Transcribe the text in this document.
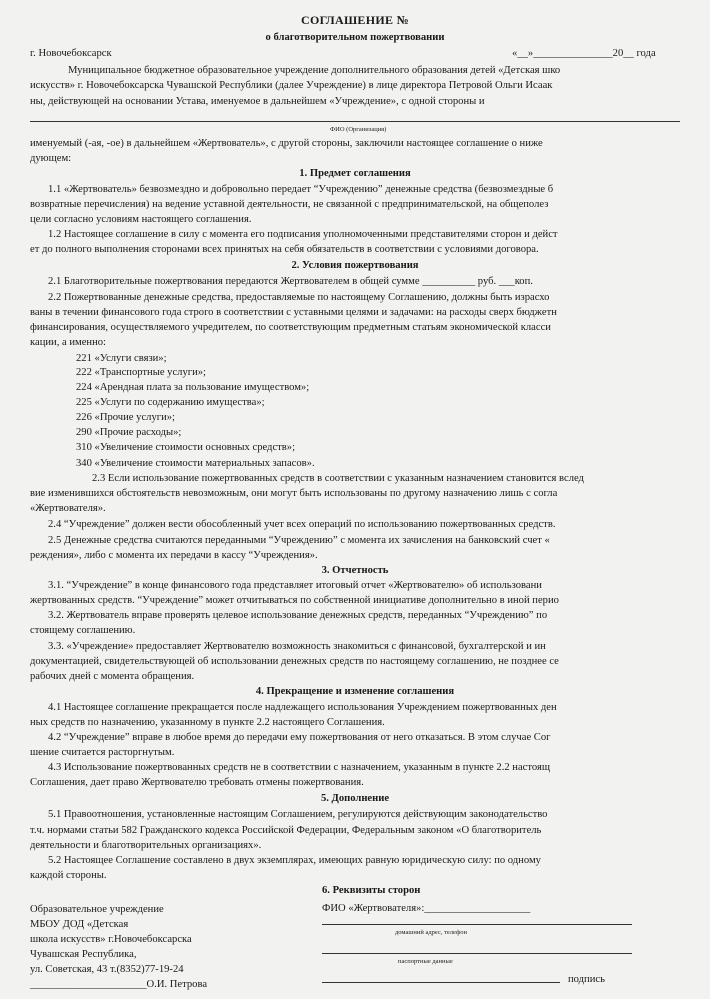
СОГЛАШЕНИЕ №
о благотворительном пожертвовании
г. Новочебоксарск	«__»_______________20__ года
Муниципальное бюджетное образовательное учреждение дополнительного образования детей «Детская шко
искусств» г. Новочебоксарска Чувашской Республики (далее Учреждение) в лице директора Петровой Ольги Исаак
ны, действующей на основании Устава, именуемое в дальнейшем «Учреждение», с одной стороны и
ФИО (Организация)
именуемый (-ая, -ое) в дальнейшем «Жертвователь», с другой стороны, заключили настоящее соглашение о ниже
дующем:
1. Предмет соглашения
1.1 «Жертвователь» безвозмездно и добровольно передает “Учреждению” денежные средства (безвозмездные б
возвратные перечисления) на ведение уставной деятельности, не связанной с предпринимательской, на общеполез
цели согласно условиям настоящего соглашения.
1.2 Настоящее соглашение в силу с момента его подписания уполномоченными представителями сторон и дейст
ет до полного выполнения сторонами всех принятых на себя обязательств в соответствии с условиями договора.
2. Условия пожертвования
2.1 Благотворительные пожертвования передаются Жертвователем в общей сумме __________ руб. ___коп.
2.2 Пожертвованные денежные средства, предоставляемые по настоящему Соглашению, должны быть израсхо
ваны в течении финансового года строго в соответствии с уставными целями и задачами: на расходы сверх бюджетн
финансирования, осуществляемого учредителем, по соответствующим предметным статьям экономической класси
кации, а именно:
221 «Услуги связи»;
222 «Транспортные услуги»;
224 «Арендная плата за пользование имуществом»;
225 «Услуги по содержанию имущества»;
226 «Прочие услуги»;
290 «Прочие расходы»;
310 «Увеличение стоимости основных средств»;
340 «Увеличение стоимости материальных запасов».
2.3 Если использование пожертвованных средств в соответствии с указанным назначением становится вслед
вие изменившихся обстоятельств невозможным, они могут быть использованы по другому назначению лишь с согла
«Жертвователя».
2.4 “Учреждение” должен вести обособленный учет всех операций по использованию пожертвованных средств.
2.5 Денежные средства считаются переданными “Учреждению” с момента их зачисления на банковский счет «
реждения», либо с момента их передачи в кассу “Учреждения».
3. Отчетность
3.1. “Учреждение” в конце финансового года представляет итоговый отчет «Жертвователю» об использовани
жертвованных средств. “Учреждение” может отчитываться по собственной инициативе дополнительно в иной перио
3.2. Жертвователь вправе проверять целевое использование денежных средств, переданных “Учреждению” по
стоящему соглашению.
3.3. «Учреждение» предоставляет Жертвователю возможность знакомиться с финансовой, бухгалтерской и ин
документацией, свидетельствующей об использовании денежных средств по настоящему соглашению, не позднее се
рабочих дней с момента обращения.
4. Прекращение и изменение соглашения
4.1 Настоящее соглашение прекращается после надлежащего использования Учреждением пожертвованных ден
ных средств по назначению, указанному в пункте 2.2 настоящего Соглашения.
4.2 “Учреждение” вправе в любое время до передачи ему пожертвования от него отказаться. В этом случае Сог
шение считается расторгнутым.
4.3 Использование пожертвованных средств не в соответствии с назначением, указанным в пункте 2.2 настоящ
Соглашения, дает право Жертвователю требовать отмены пожертвования.
5. Дополнение
5.1 Правоотношения, установленные настоящим Соглашением, регулируются действующим законодательство
т.ч. нормами статьи 582 Гражданского кодекса Российской Федерации, Федеральным законом «О благотворитель
деятельности и благотворительных организациях».
5.2 Настоящее Соглашение составлено в двух экземплярах, имеющих равную юридическую силу: по одному
каждой стороны.
6. Реквизиты сторон
Образовательное учреждение
МБОУ ДОД «Детская
школа искусств» г.Новочебоксарска
Чувашская Республика,
ул. Советская, 43 т.(8352)77-19-24
______________________О.И. Петрова
ФИО «Жертвователя»:____________________
домашний адрес, телефон
паспортные данные
подпись
